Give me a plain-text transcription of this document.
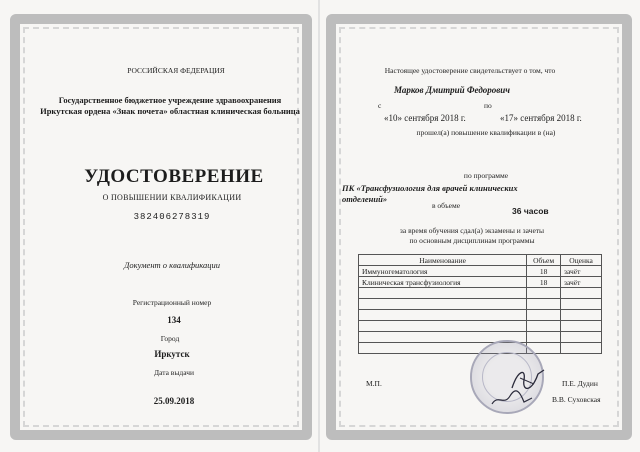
РОССИЙСКАЯ ФЕДЕРАЦИЯ
Государственное бюджетное учреждение здравоохранения
Иркутская ордена «Знак почета» областная клиническая больница
УДОСТОВЕРЕНИЕ
О ПОВЫШЕНИИ КВАЛИФИКАЦИИ
382406278319
Документ о квалификации
Регистрационный номер
134
Город
Иркутск
Дата выдачи
25.09.2018
Настоящее удостоверение свидетельствует о том, что
Марков Дмитрий Федорович
с	по
«10» сентября 2018 г.	«17» сентября 2018 г.
прошел(а) повышение квалификации в (на)
по программе
ПК «Трансфузиология для врачей клинических
отделений»
в объеме
36 часов
за время обучения сдал(а) экзамены и зачеты
по основным дисциплинам программы
Наименование	Объем	Оценка
Иммуногематология	18	зачёт
Клиническая трансфузиология	18	зачёт

М.П.	П.Е. Дудин
В.В. Суховская
